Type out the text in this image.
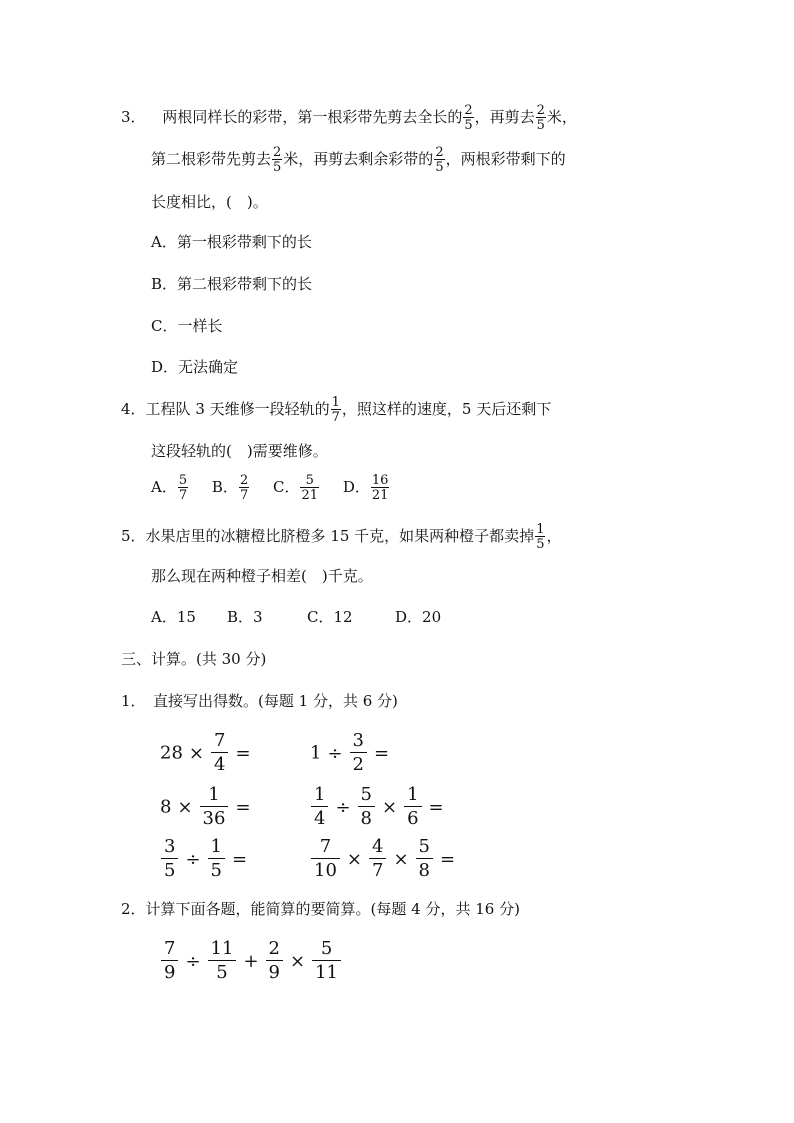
3． 两根同样长的彩带，第一根彩带先剪去全长的 $\frac{2}{5}$ ，再剪去 $\frac{2}{5}$ 米，
第二根彩带先剪去 $\frac{2}{5}$ 米，再剪去剩余彩带的 $\frac{2}{5}$ ，两根彩带剩下的
长度相比，(　)。
A．第一根彩带剩下的长
B．第二根彩带剩下的长
C．一样长
D．无法确定
4．工程队 3 天维修一段轻轨的 $\frac{1}{7}$ ，照这样的速度，5 天后还剩下
这段轻轨的(　)需要维修。
A． $\frac{5}{7}$ B． $\frac{2}{7}$ C． $\frac{5}{21}$ D． $\frac{16}{21}$
5．水果店里的冰糖橙比脐橙多 15 千克，如果两种橙子都卖掉 $\frac{1}{5}$ ，
那么现在两种橙子相差(　)千克。
A．15 B．3	C．12	D．20
三、计算。(共 30 分)
1．　直接写出得数。(每题 1 分，共 6 分)
$28 \times \frac{7}{4}$ =	$1 \div \frac{3}{2}$ =
$8 \times \frac{1}{36}$ =	$\frac{1}{4} \div \frac{5}{8} \times \frac{1}{6}$ =
$\frac{3}{5} \div \frac{1}{5}$ =	$\frac{7}{10} \times \frac{4}{7} \times \frac{5}{8}$ =
2．计算下面各题，能简算的要简算。(每题 4 分，共 16 分)
$\frac{7}{9} \div \frac{11}{5} + \frac{2}{9} \times \frac{5}{11}$
